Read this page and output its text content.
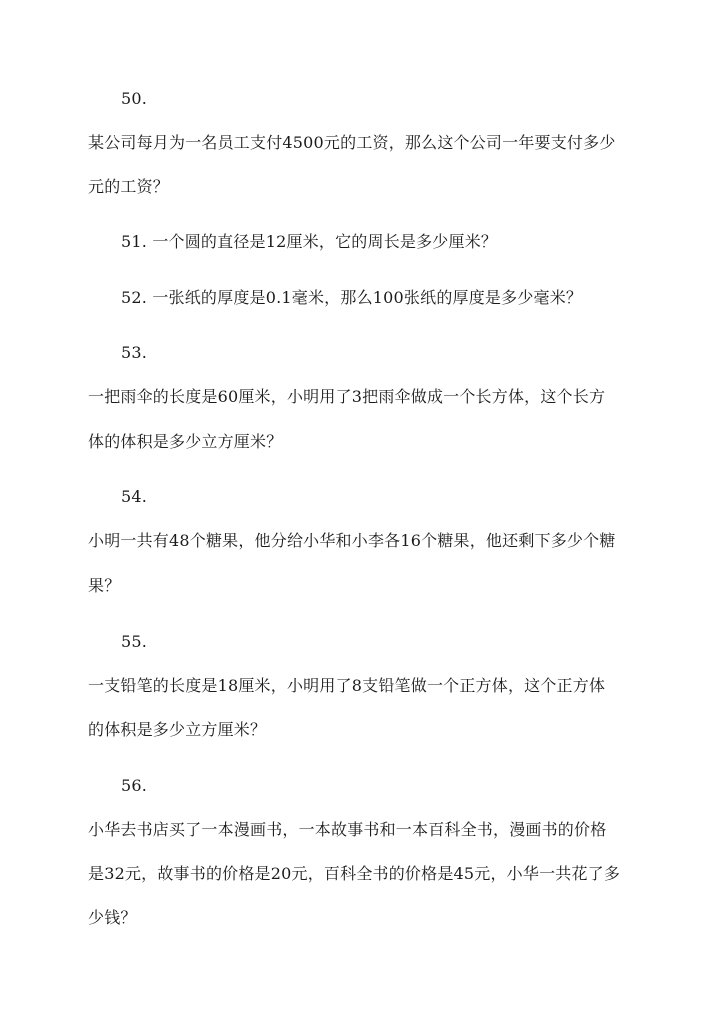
50.
某公司每月为一名员工支付4500元的工资，那么这个公司一年要支付多少
元的工资？
51. 一个圆的直径是12厘米，它的周长是多少厘米？
52. 一张纸的厚度是0.1毫米，那么100张纸的厚度是多少毫米？
53.
一把雨伞的长度是60厘米，小明用了3把雨伞做成一个长方体，这个长方
体的体积是多少立方厘米？
54.
小明一共有48个糖果，他分给小华和小李各16个糖果，他还剩下多少个糖
果？
55.
一支铅笔的长度是18厘米，小明用了8支铅笔做一个正方体，这个正方体
的体积是多少立方厘米？
56.
小华去书店买了一本漫画书，一本故事书和一本百科全书，漫画书的价格
是32元，故事书的价格是20元，百科全书的价格是45元，小华一共花了多
少钱？
